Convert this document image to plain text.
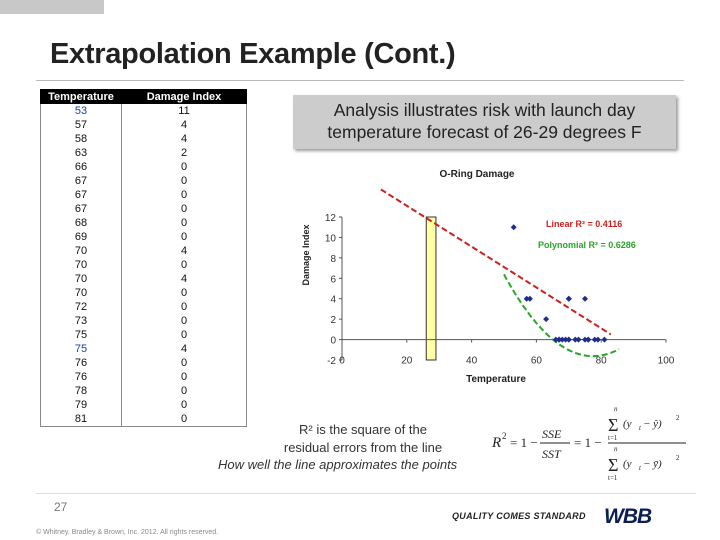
Extrapolation Example (Cont.)
Temperature	Damage Index
53	11
57	4
58	4
63	2
66	0
67	0
67	0
67	0
68	0
69	0
70	4
70	0
70	4
70	0
72	0
73	0
75	0
75	4
76	0
76	0
78	0
79	0
81	0
Analysis illustrates risk with launch day
temperature forecast of 26-29 degrees F
-2
0
2
4
6
8
10
12
0	20	40	60	80	100
O-Ring Damage
Temperature
Damage Index
Linear R² = 0.4116
Polynomial R² = 0.6286
R² is the square of the
residual errors from the line
How well the line approximates the points
R 2 = 1 −
SSE
SST
= 1 −
n
Σ
t=1
(y t − ŷ) 2
n
Σ
t=1
(y t − ȳ) 2
27
© Whitney, Bradley & Brown, Inc. 2012. All rights reserved.
QUALITY COMES STANDARD WBB
